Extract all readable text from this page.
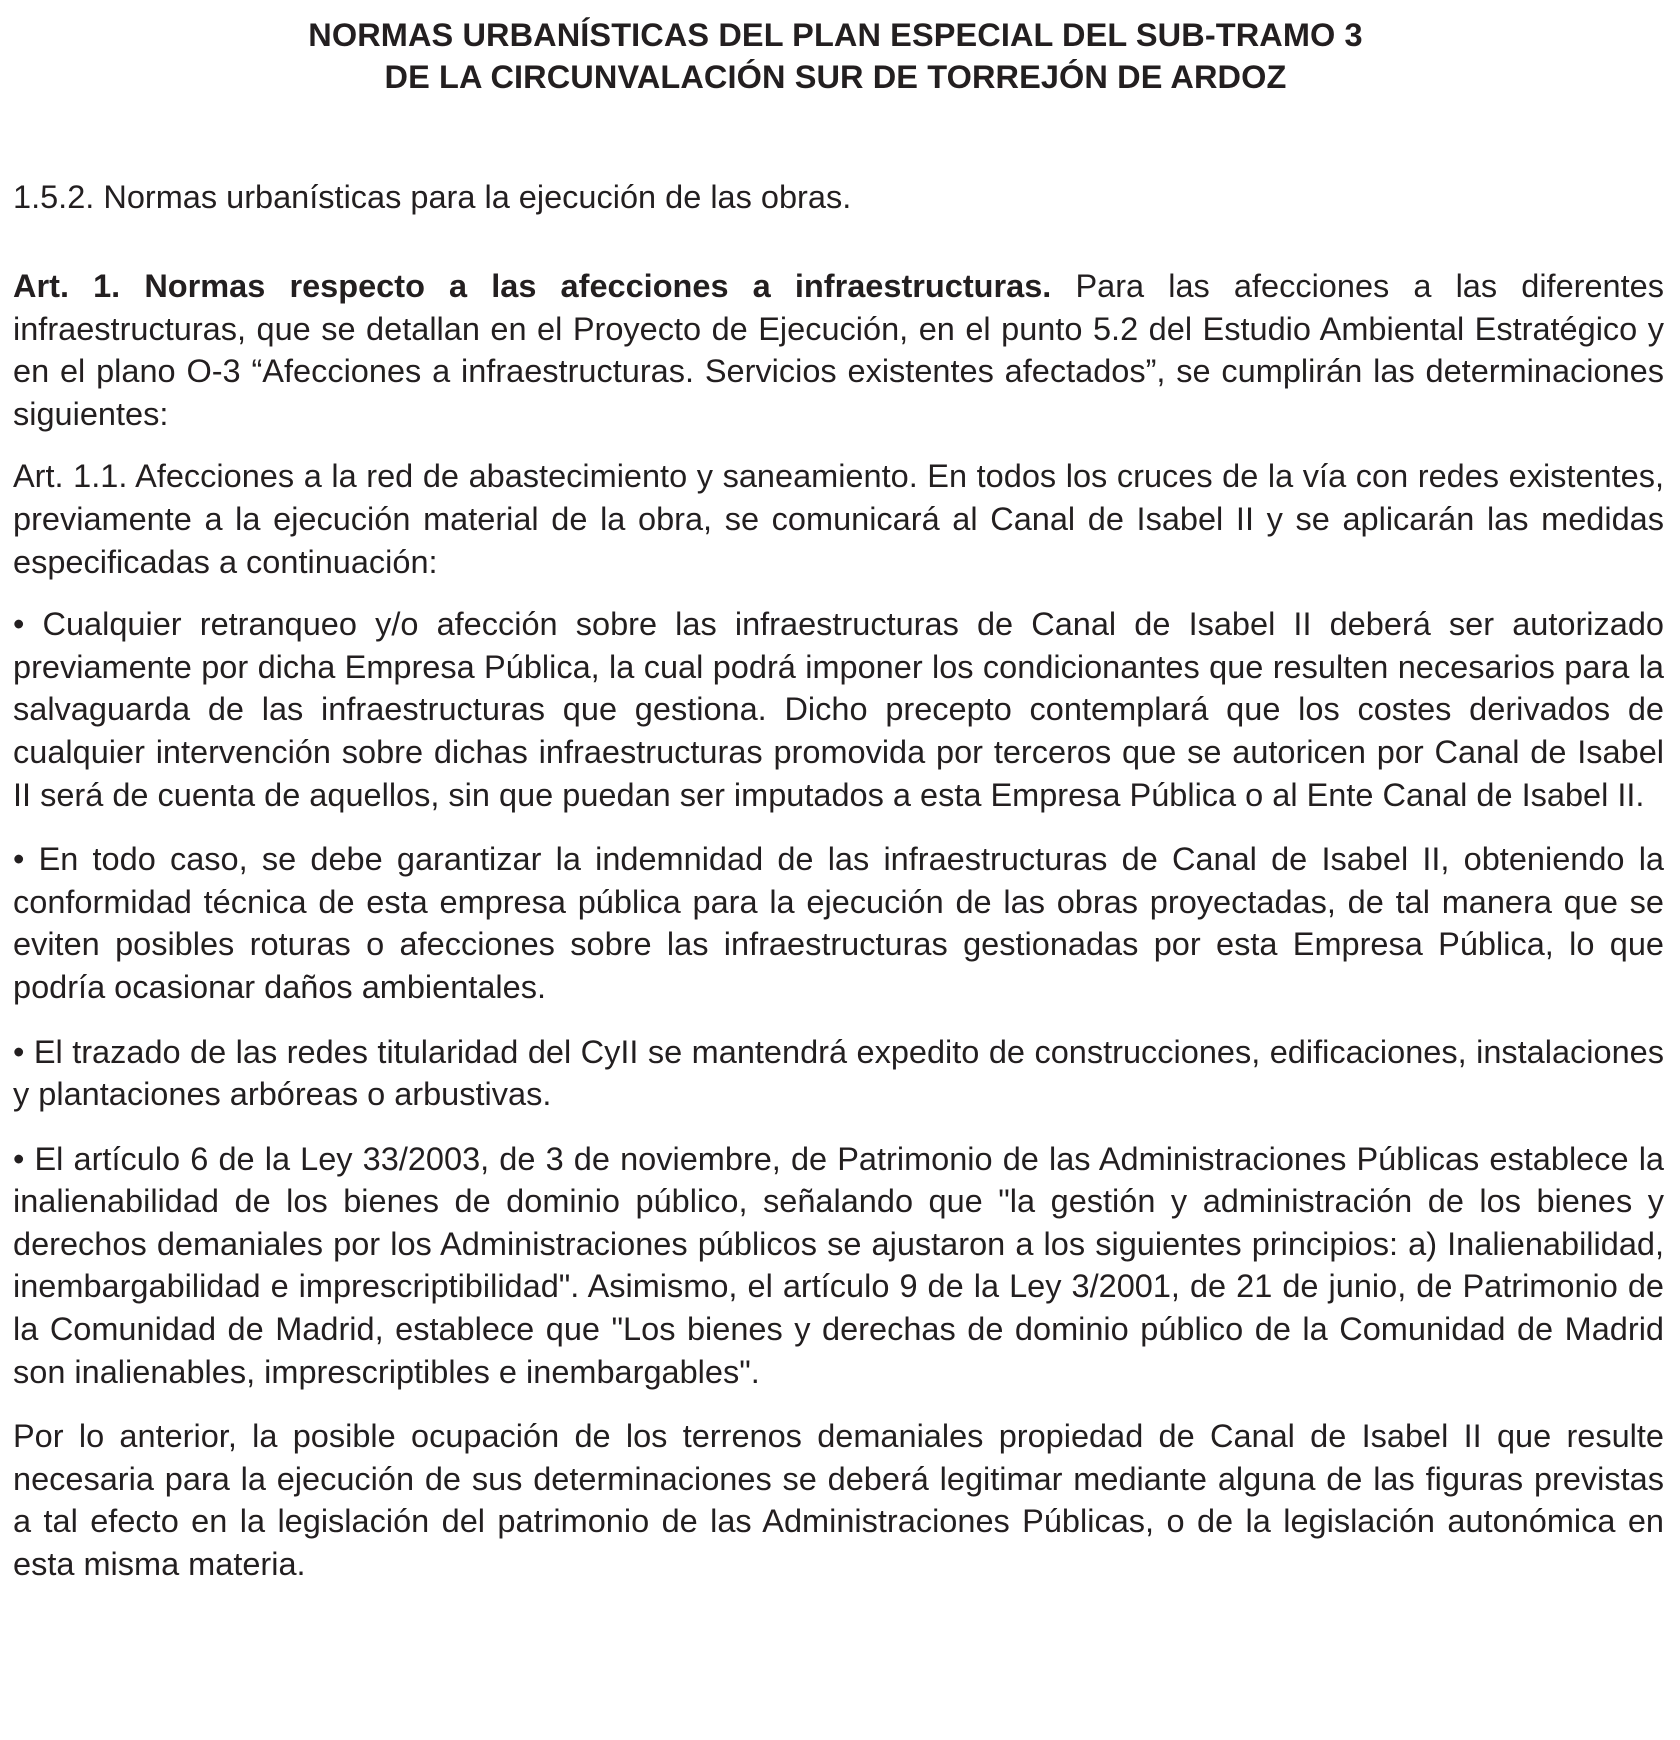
NORMAS URBANÍSTICAS DEL PLAN ESPECIAL DEL SUB-TRAMO 3
DE LA CIRCUNVALACIÓN SUR DE TORREJÓN DE ARDOZ

1.5.2. Normas urbanísticas para la ejecución de las obras.

Art. 1. Normas respecto a las afecciones a infraestructuras. Para las afecciones a las diferentes infraestructuras, que se detallan en el Proyecto de Ejecución, en el punto 5.2 del Estudio Ambiental Estratégico y en el plano O-3 “Afecciones a infraestructuras. Servicios existentes afectados”, se cumplirán las determinaciones siguientes:

Art. 1.1. Afecciones a la red de abastecimiento y saneamiento. En todos los cruces de la vía con redes existentes, previamente a la ejecución material de la obra, se comunicará al Canal de Isabel II y se aplicarán las medidas especificadas a continuación:

• Cualquier retranqueo y/o afección sobre las infraestructuras de Canal de Isabel II deberá ser autorizado previamente por dicha Empresa Pública, la cual podrá imponer los condicionantes que resulten necesarios para la salvaguarda de las infraestructuras que gestiona. Dicho precepto contemplará que los costes derivados de cualquier intervención sobre dichas infraestructuras promovida por terceros que se autoricen por Canal de Isabel II será de cuenta de aquellos, sin que puedan ser imputados a esta Empresa Pública o al Ente Canal de Isabel II.

• En todo caso, se debe garantizar la indemnidad de las infraestructuras de Canal de Isabel II, obteniendo la conformidad técnica de esta empresa pública para la ejecución de las obras proyectadas, de tal manera que se eviten posibles roturas o afecciones sobre las infraestructuras gestionadas por esta Empresa Pública, lo que podría ocasionar daños ambientales.

• El trazado de las redes titularidad del CyII se mantendrá expedito de construcciones, edificaciones, instalaciones y plantaciones arbóreas o arbustivas.

• El artículo 6 de la Ley 33/2003, de 3 de noviembre, de Patrimonio de las Administraciones Públicas establece la inalienabilidad de los bienes de dominio público, señalando que "la gestión y administración de los bienes y derechos demaniales por los Administraciones públicos se ajustaron a los siguientes principios: a) Inalienabilidad, inembargabilidad e imprescriptibilidad". Asimismo, el artículo 9 de la Ley 3/2001, de 21 de junio, de Patrimonio de la Comunidad de Madrid, establece que "Los bienes y derechas de dominio público de la Comunidad de Madrid son inalienables, imprescriptibles e inembargables".

Por lo anterior, la posible ocupación de los terrenos demaniales propiedad de Canal de Isabel II que resulte necesaria para la ejecución de sus determinaciones se deberá legitimar mediante alguna de las figuras previstas a tal efecto en la legislación del patrimonio de las Administraciones Públicas, o de la legislación autonómica en esta misma materia.
